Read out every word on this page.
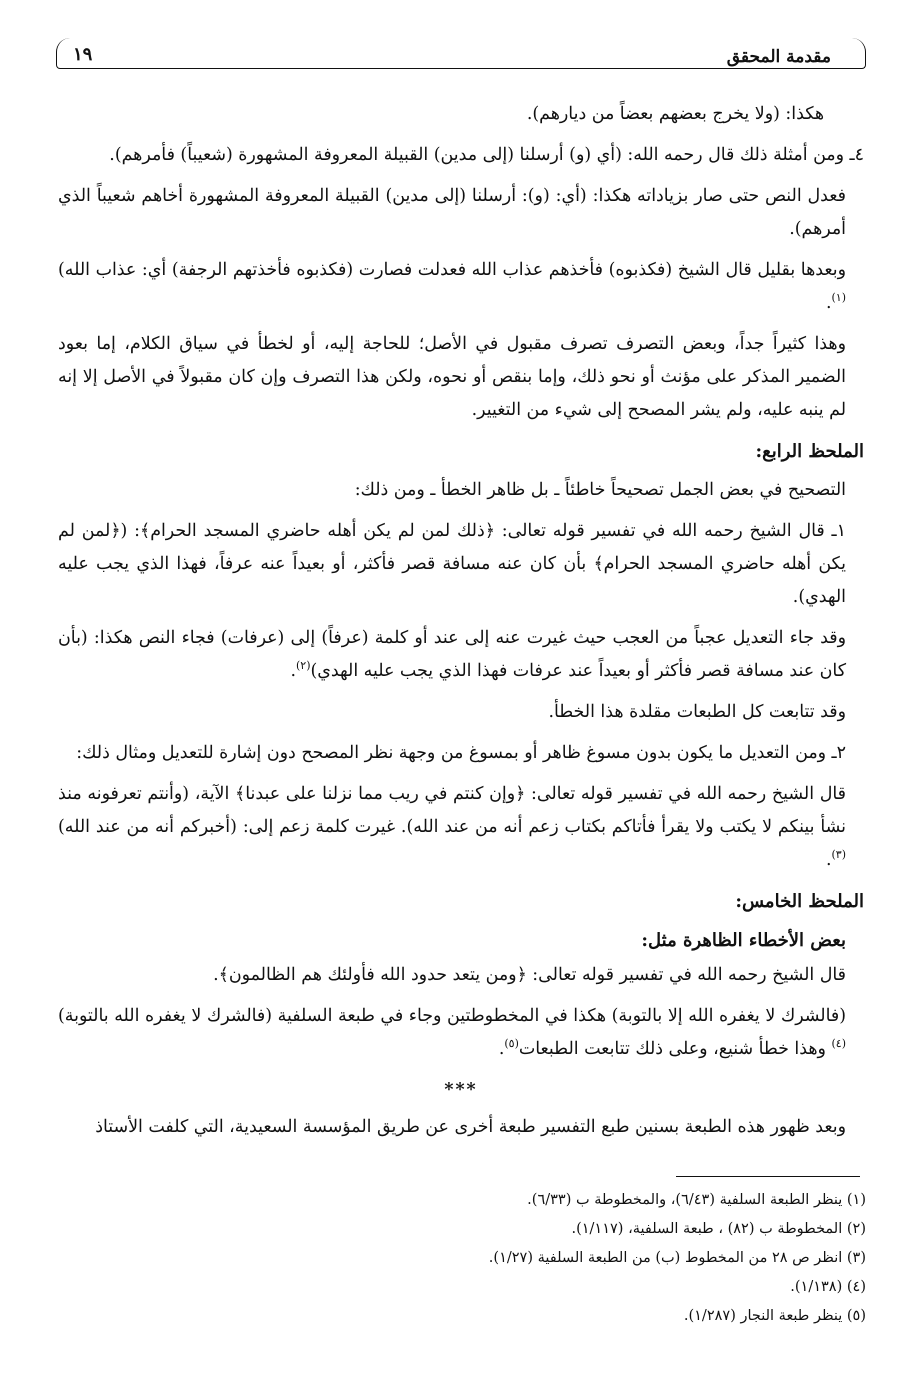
مقدمة المحقق
١٩

هكذا: (ولا يخرج بعضهم بعضاً من ديارهم).

٤ـ ومن أمثلة ذلك قال رحمه الله: (أي (و) أرسلنا (إلى مدين) القبيلة المعروفة المشهورة (شعيباً) فأمرهم).

فعدل النص حتى صار بزياداته هكذا: (أي: (و): أرسلنا (إلى مدين) القبيلة المعروفة المشهورة أخاهم شعيباً الذي أمرهم).

وبعدها بقليل قال الشيخ (فكذبوه) فأخذهم عذاب الله فعدلت فصارت (فكذبوه فأخذتهم الرجفة) أي: عذاب الله)$^{(١)}$.

وهذا كثيراً جداً، وبعض التصرف تصرف مقبول في الأصل؛ للحاجة إليه، أو لخطأ في سياق الكلام، إما بعود الضمير المذكر على مؤنث أو نحو ذلك، وإما بنقص أو نحوه، ولكن هذا التصرف وإن كان مقبولاً في الأصل إلا إنه لم ينبه عليه، ولم يشر المصحح إلى شيء من التغيير.

الملحظ الرابع:

التصحيح في بعض الجمل تصحيحاً خاطئاً ـ بل ظاهر الخطأ ـ ومن ذلك:

١ـ قال الشيخ رحمه الله في تفسير قوله تعالى: ﴿ذلك لمن لم يكن أهله حاضري المسجد الحرام﴾: (﴿لمن لم يكن أهله حاضري المسجد الحرام﴾ بأن كان عنه مسافة قصر فأكثر، أو بعيداً عنه عرفاً، فهذا الذي يجب عليه الهدي).

وقد جاء التعديل عجباً من العجب حيث غيرت عنه إلى عند أو كلمة (عرفاً) إلى (عرفات) فجاء النص هكذا: (بأن كان عند مسافة قصر فأكثر أو بعيداً عند عرفات فهذا الذي يجب عليه الهدي)$^{(٢)}$.

وقد تتابعت كل الطبعات مقلدة هذا الخطأ.

٢ـ ومن التعديل ما يكون بدون مسوغ ظاهر أو بمسوغ من وجهة نظر المصحح دون إشارة للتعديل ومثال ذلك:

قال الشيخ رحمه الله في تفسير قوله تعالى: ﴿وإن كنتم في ريب مما نزلنا على عبدنا﴾ الآية، (وأنتم تعرفونه منذ نشأ بينكم لا يكتب ولا يقرأ فأتاكم بكتاب زعم أنه من عند الله). غيرت كلمة زعم إلى: (أخبركم أنه من عند الله)$^{(٣)}$.

الملحظ الخامس:
بعض الأخطاء الظاهرة مثل:

قال الشيخ رحمه الله في تفسير قوله تعالى: ﴿ومن يتعد حدود الله فأولئك هم الظالمون﴾.

(فالشرك لا يغفره الله إلا بالتوبة) هكذا في المخطوطتين وجاء في طبعة السلفية (فالشرك لا يغفره الله بالتوبة)$^{(٤)}$ وهذا خطأ شنيع، وعلى ذلك تتابعت الطبعات$^{(٥)}$.

***

وبعد ظهور هذه الطبعة بسنين طبع التفسير طبعة أخرى عن طريق المؤسسة السعيدية، التي كلفت الأستاذ

(١) ينظر الطبعة السلفية (٦/٤٣)، والمخطوطة ب (٦/٣٣).
(٢) المخطوطة ب (٨٢) ، طبعة السلفية، (١/١١٧).
(٣) انظر ص ٢٨ من المخطوط (ب) من الطبعة السلفية (١/٢٧).
(٤) (١/١٣٨).
(٥) ينظر طبعة النجار (١/٢٨٧).
